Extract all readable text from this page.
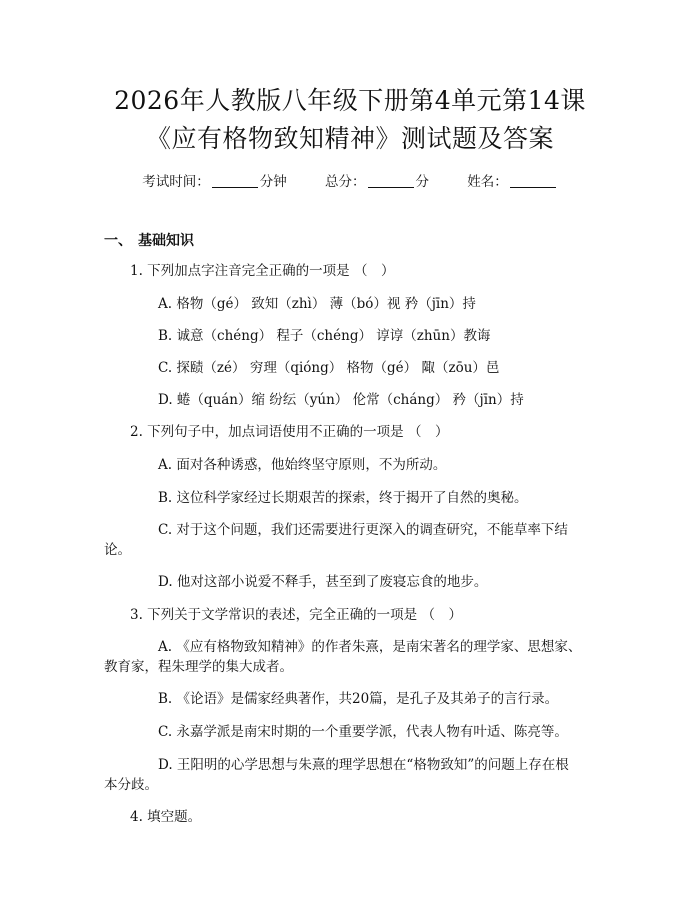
2026年人教版八年级下册第4单元第14课
《应有格物致知精神》测试题及答案
考试时间：	分钟	总分：	分	姓名：
一、 基础知识
1. 下列加点字注音完全正确的一项是 （　）
A. 格物（gé） 致知（zhì） 薄（bó）视 矜（jīn）持
B. 诚意（chéng） 程子（chéng） 谆谆（zhūn）教诲
C. 探赜（zé） 穷理（qióng） 格物（gé） 陬（zōu）邑
D. 蜷（quán）缩 纷纭（yún） 伦常（cháng） 矜（jīn）持
2. 下列句子中，加点词语使用不正确的一项是 （　）
A. 面对各种诱惑，他始终坚守原则，不为所动。
B. 这位科学家经过长期艰苦的探索，终于揭开了自然的奥秘。
C. 对于这个问题，我们还需要进行更深入的调查研究，不能草率下结
论。
D. 他对这部小说爱不释手，甚至到了废寝忘食的地步。
3. 下列关于文学常识的表述，完全正确的一项是 （　）
A. 《应有格物致知精神》的作者朱熹，是南宋著名的理学家、思想家、
教育家，程朱理学的集大成者。
B. 《论语》是儒家经典著作，共20篇，是孔子及其弟子的言行录。
C. 永嘉学派是南宋时期的一个重要学派，代表人物有叶适、陈亮等。
D. 王阳明的心学思想与朱熹的理学思想在“格物致知”的问题上存在根
本分歧。
4. 填空题。
